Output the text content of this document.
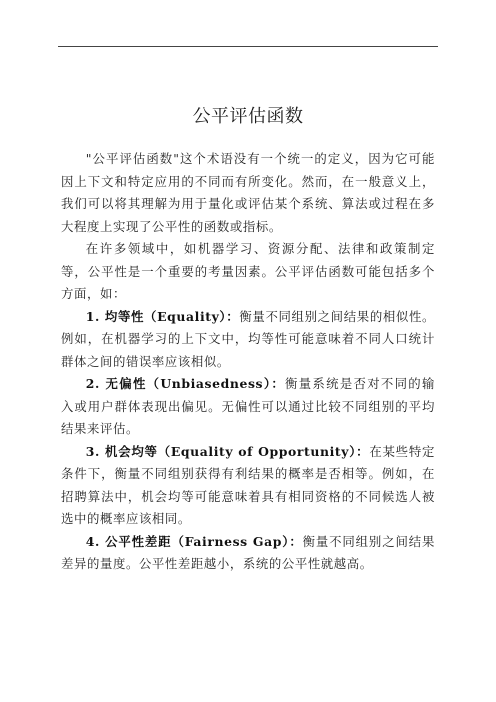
公平评估函数

"公平评估函数"这个术语没有一个统一的定义，因为它可能因上下文和特定应用的不同而有所变化。然而，在一般意义上，我们可以将其理解为用于量化或评估某个系统、算法或过程在多大程度上实现了公平性的函数或指标。

在许多领域中，如机器学习、资源分配、法律和政策制定等，公平性是一个重要的考量因素。公平评估函数可能包括多个方面，如：

1. 均等性（Equality）：衡量不同组别之间结果的相似性。例如，在机器学习的上下文中，均等性可能意味着不同人口统计群体之间的错误率应该相似。

2. 无偏性（Unbiasedness）：衡量系统是否对不同的输入或用户群体表现出偏见。无偏性可以通过比较不同组别的平均结果来评估。

3. 机会均等（Equality of Opportunity）：在某些特定条件下，衡量不同组别获得有利结果的概率是否相等。例如，在招聘算法中，机会均等可能意味着具有相同资格的不同候选人被选中的概率应该相同。

4. 公平性差距（Fairness Gap）：衡量不同组别之间结果差异的量度。公平性差距越小，系统的公平性就越高。
